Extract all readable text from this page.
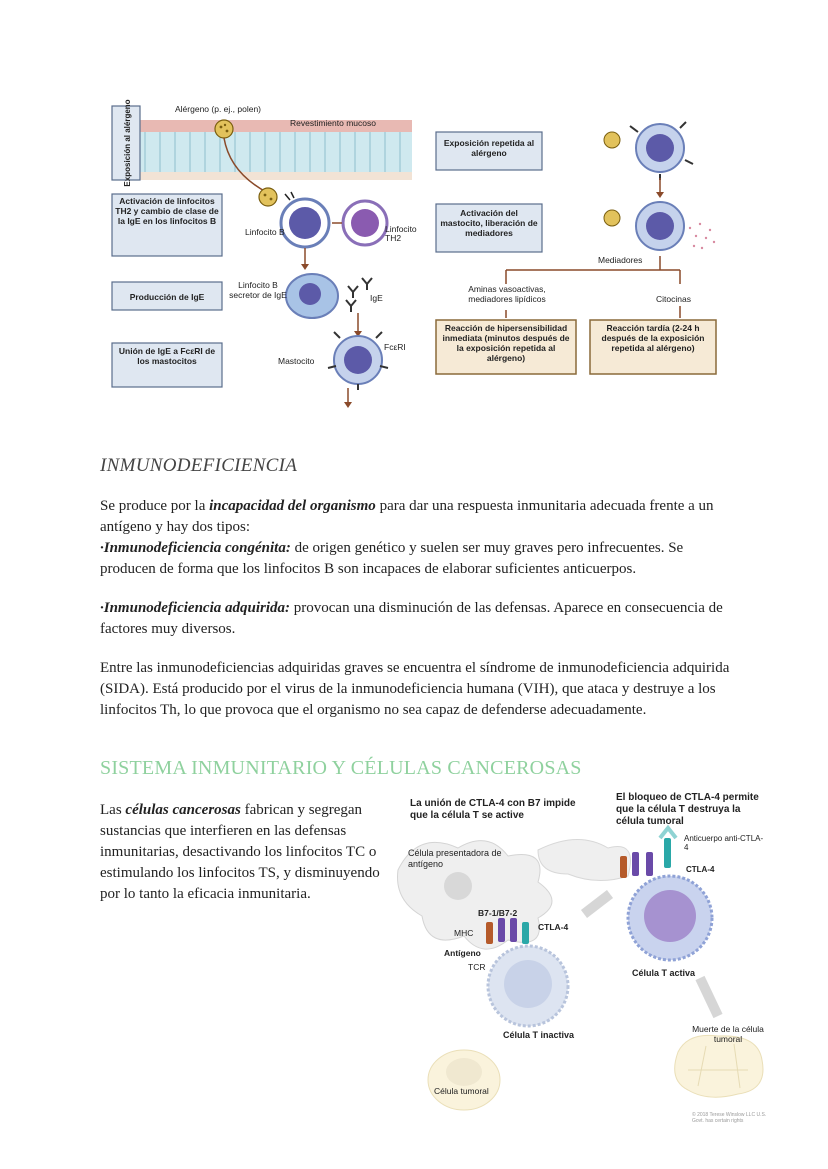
Alérgeno (p. ej., polen)
Revestimiento mucoso
Exposición al alérgeno
Activación de linfocitos TH2 y cambio de clase de la IgE en los linfocitos B
Linfocito B	Linfocito TH2
Producción de IgE
Linfocito B secretor de IgE	IgE
Unión de IgE a FcεRI de los mastocitos	Mastocito
FcεRI
Exposición repetida al alérgeno
Activación del mastocito, liberación de mediadores
Mediadores
Aminas vasoactivas, mediadores lipídicos	Citocinas
Reacción de hipersensibilidad inmediata (minutos después de la exposición repetida al alérgeno)
Reacción tardía (2-24 h después de la exposición repetida al alérgeno)
INMUNODEFICIENCIA

Se produce por la incapacidad del organismo para dar una respuesta inmunitaria adecuada frente a un antígeno y hay dos tipos:

·Inmunodeficiencia congénita: de origen genético y suelen ser muy graves pero infrecuentes. Se producen de forma que los linfocitos B son incapaces de elaborar suficientes anticuerpos.

·Inmunodeficiencia adquirida: provocan una disminución de las defensas. Aparece en consecuencia de factores muy diversos.

Entre las inmunodeficiencias adquiridas graves se encuentra el síndrome de inmunodeficiencia adquirida (SIDA). Está producido por el virus de la inmunodeficiencia humana (VIH), que ataca y destruye a los linfocitos Th, lo que provoca que el organismo no sea capaz de defenderse adecuadamente.

SISTEMA INMUNITARIO Y CÉLULAS CANCEROSAS
Las células cancerosas fabrican y segregan sustancias que interfieren en las defensas inmunitarias, desactivando los linfocitos TC o estimulando los linfocitos TS, y disminuyendo por lo tanto la eficacia inmunitaria.
La unión de CTLA-4 con B7 impide que la célula T se active
El bloqueo de CTLA-4 permite que la célula T destruya la célula tumoral
Célula presentadora de antígeno
B7-1/B7-2
CTLA-4
MHC
Antígeno
TCR
Célula T inactiva
Célula tumoral
Anticuerpo anti-CTLA-4
CTLA-4
Célula T activa
Muerte de la célula tumoral
© 2018 Terese Winslow LLC U.S. Govt. has certain rights
